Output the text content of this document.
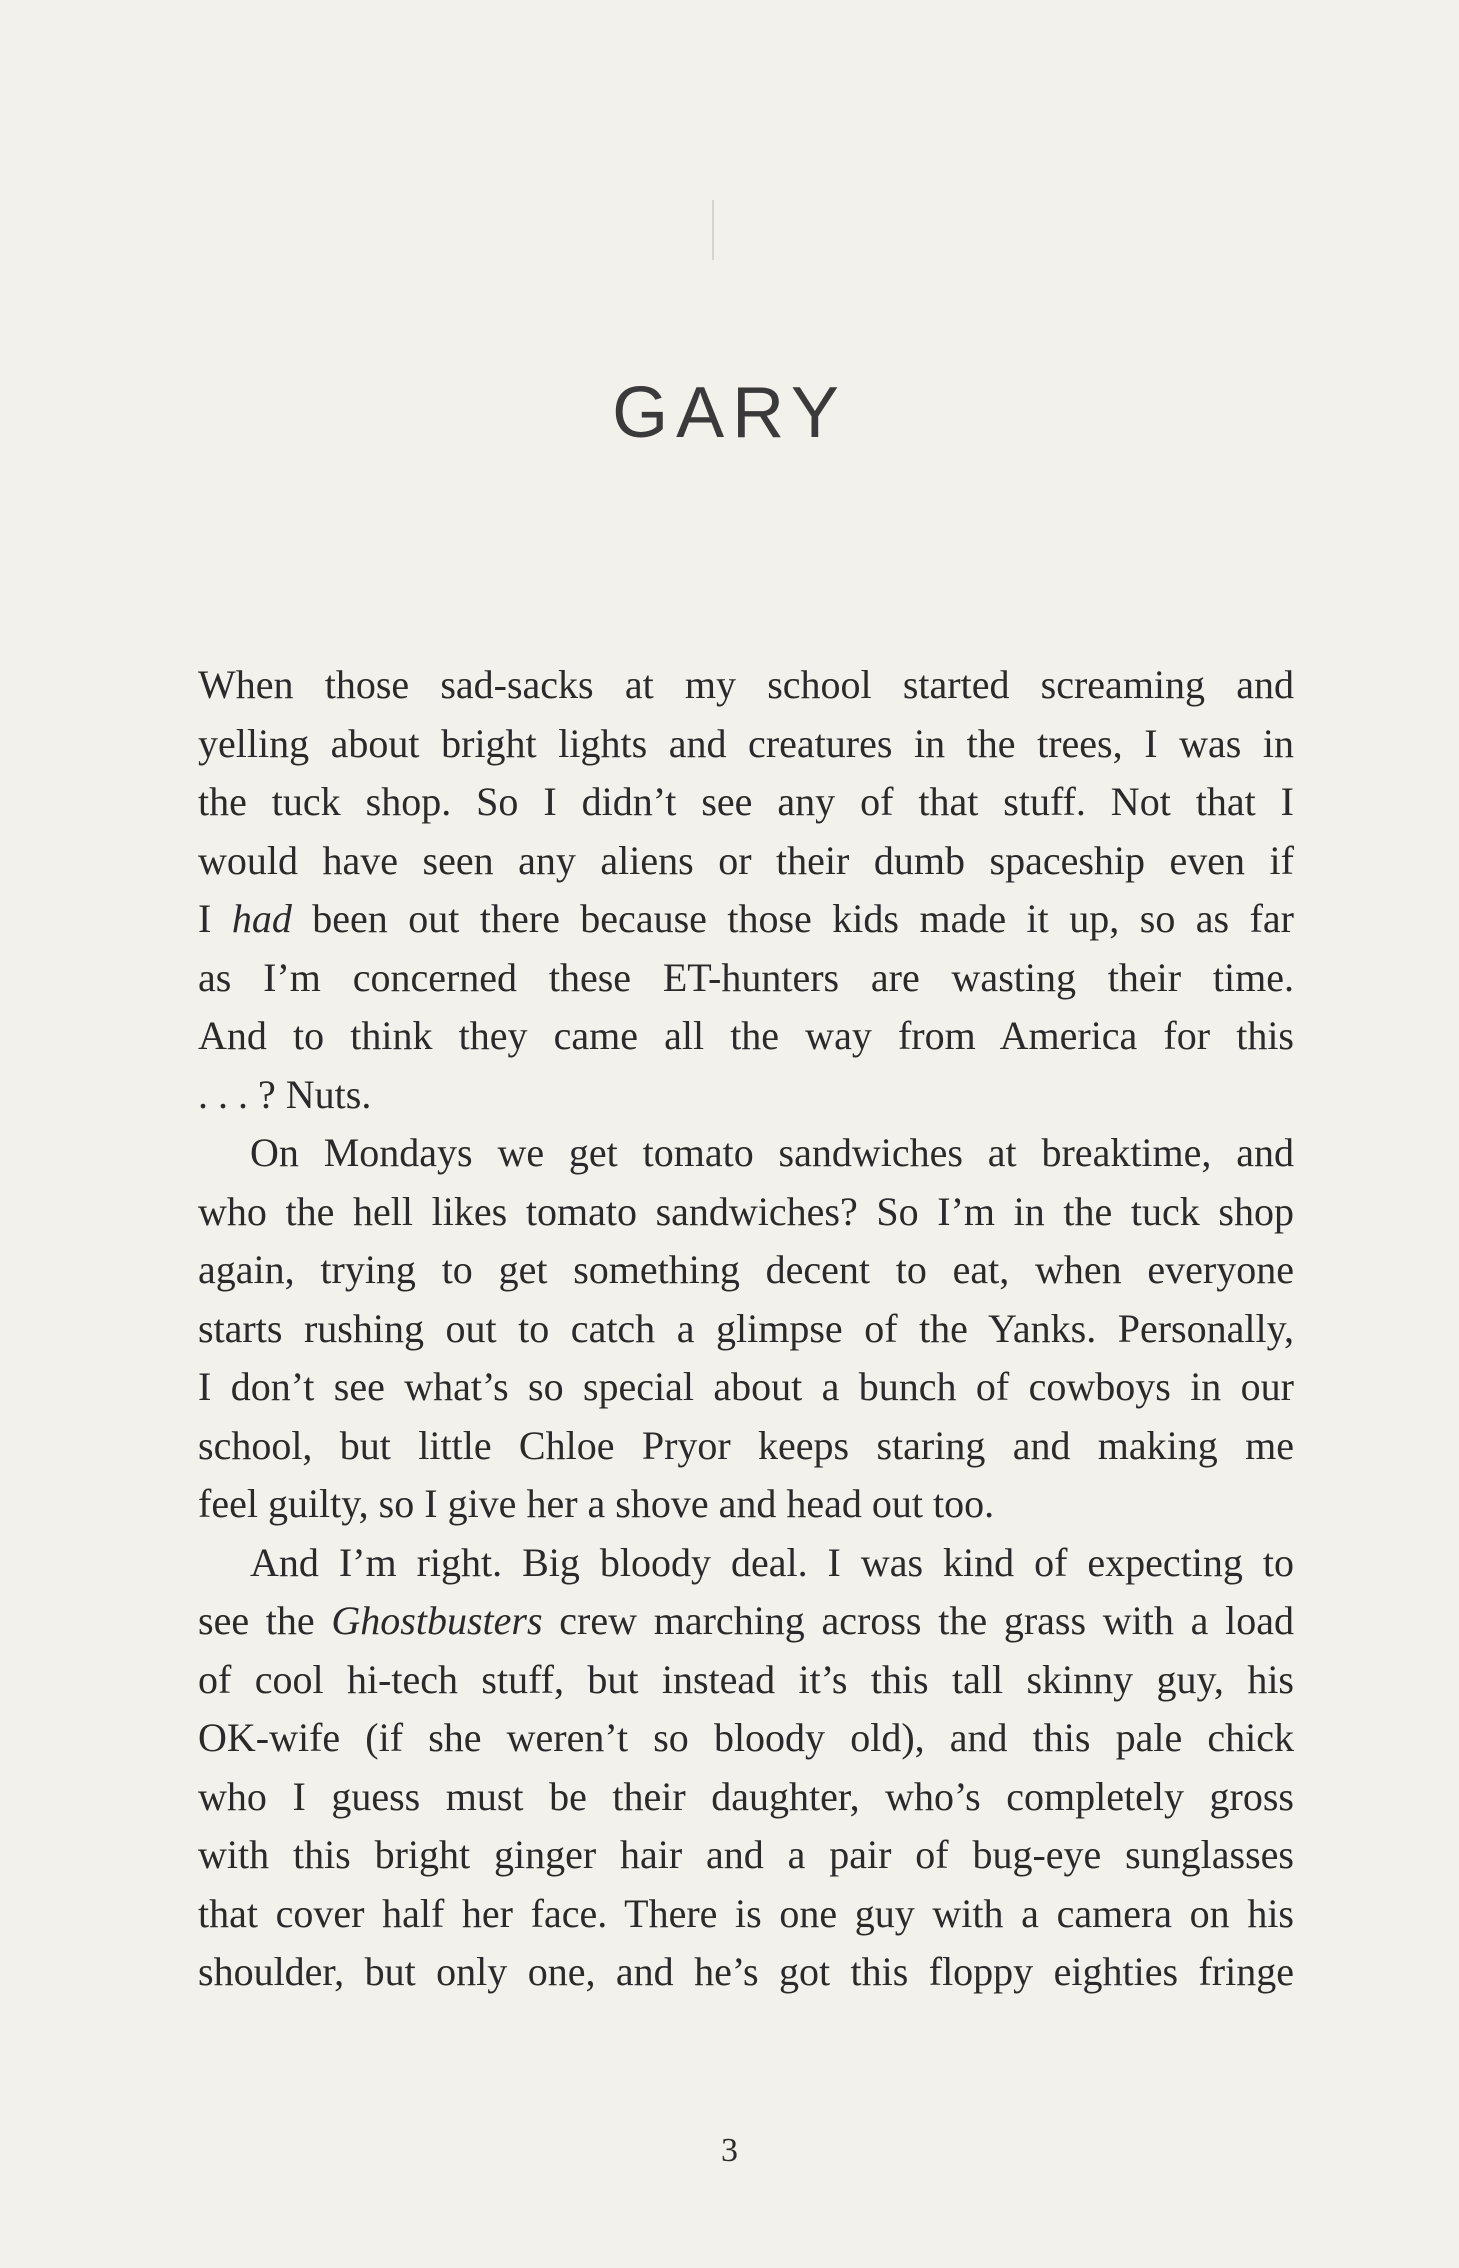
GARY
When those sad-sacks at my school started screaming and
yelling about bright lights and creatures in the trees, I was in
the tuck shop. So I didn’t see any of that stuff. Not that I
would have seen any aliens or their dumb spaceship even if
I had been out there because those kids made it up, so as far
as I’m concerned these ET-hunters are wasting their time.
And to think they came all the way from America for this
. . . ? Nuts.
On Mondays we get tomato sandwiches at breaktime, and
who the hell likes tomato sandwiches? So I’m in the tuck shop
again, trying to get something decent to eat, when everyone
starts rushing out to catch a glimpse of the Yanks. Personally,
I don’t see what’s so special about a bunch of cowboys in our
school, but little Chloe Pryor keeps staring and making me
feel guilty, so I give her a shove and head out too.
And I’m right. Big bloody deal. I was kind of expecting to
see the Ghostbusters crew marching across the grass with a load
of cool hi-tech stuff, but instead it’s this tall skinny guy, his
OK-wife (if she weren’t so bloody old), and this pale chick
who I guess must be their daughter, who’s completely gross
with this bright ginger hair and a pair of bug-eye sunglasses
that cover half her face. There is one guy with a camera on his
shoulder, but only one, and he’s got this floppy eighties fringe
3
